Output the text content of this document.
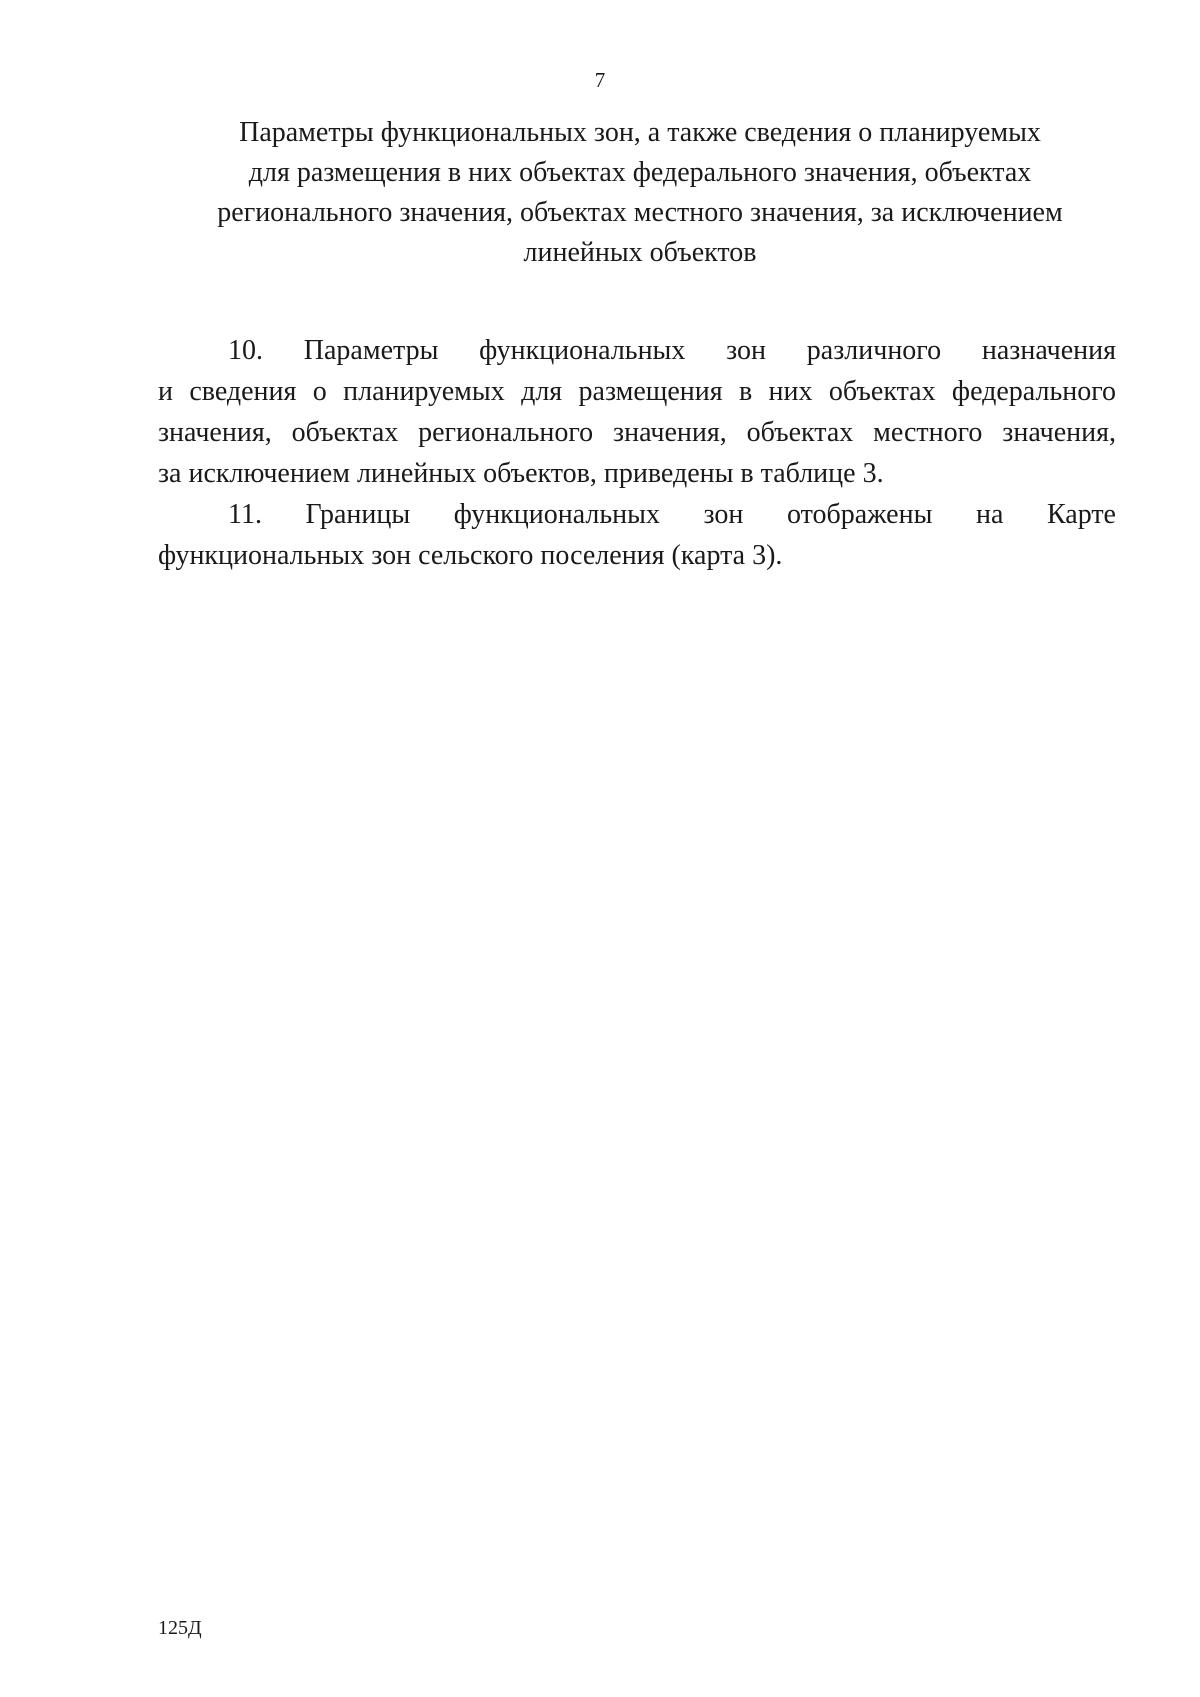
7
Параметры функциональных зон, а также сведения о планируемых
для размещения в них объектах федерального значения, объектах
регионального значения, объектах местного значения, за исключением
линейных объектов
10. Параметры функциональных зон различного назначения
и сведения о планируемых для размещения в них объектах федерального
значения, объектах регионального значения, объектах местного значения,
за исключением линейных объектов, приведены в таблице 3.
11. Границы функциональных зон отображены на Карте
функциональных зон сельского поселения (карта 3).
125Д
